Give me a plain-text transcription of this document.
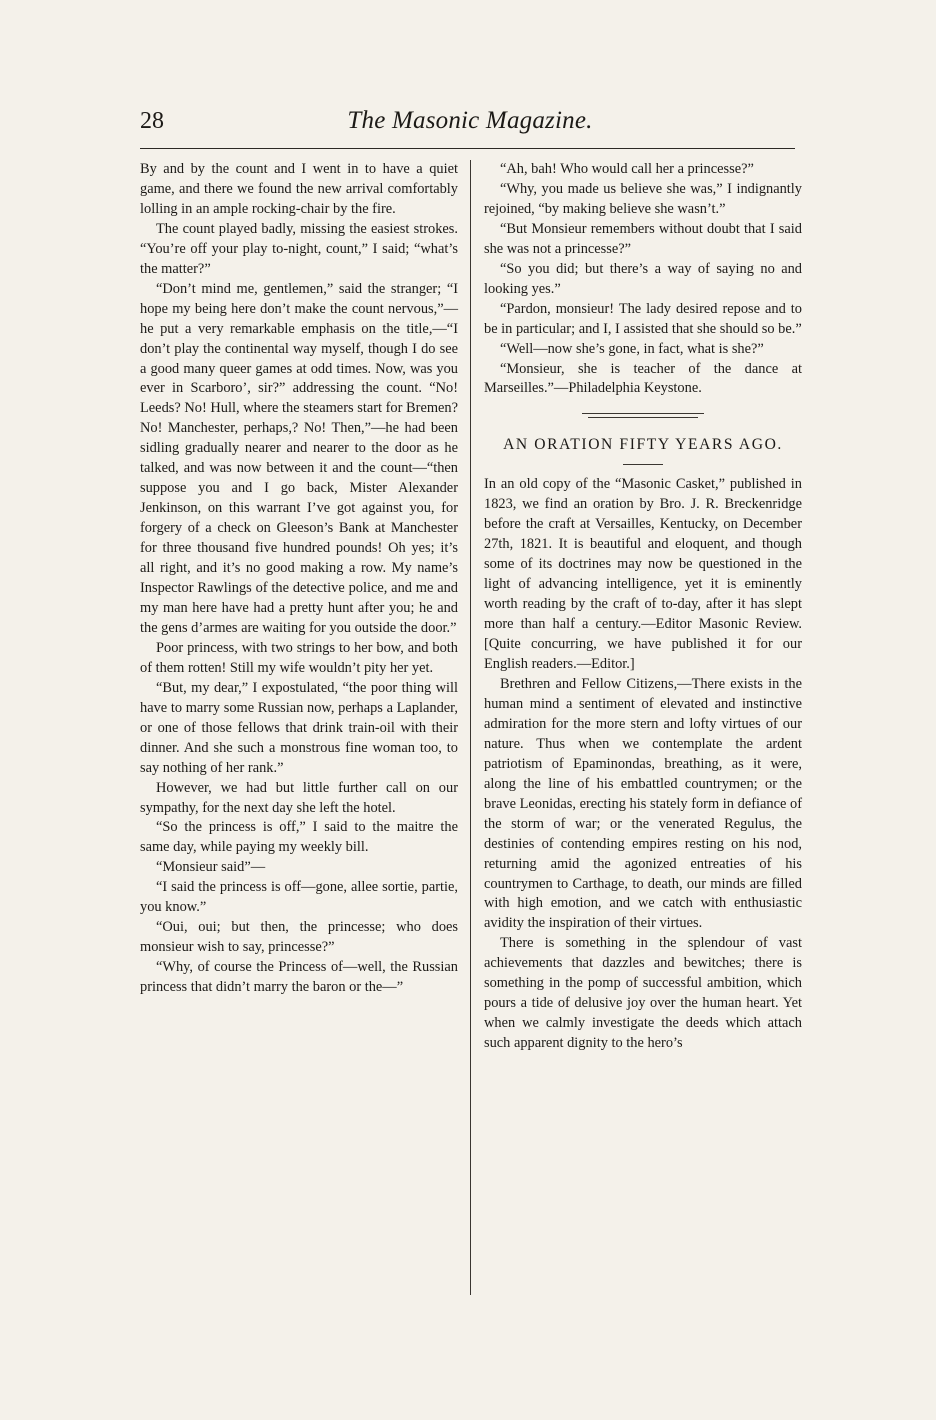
28	The Masonic Magazine.

By and by the count and I went in to have a quiet game, and there we found the new arrival comfortably lolling in an ample rocking-chair by the fire.

The count played badly, missing the easiest strokes. “You’re off your play to-night, count,” I said; “what’s the matter?”

“Don’t mind me, gentlemen,” said the stranger; “I hope my being here don’t make the count nervous,”—he put a very remarkable emphasis on the title,—“I don’t play the continental way myself, though I do see a good many queer games at odd times. Now, was you ever in Scarboro’, sir?” addressing the count. “No! Leeds? No! Hull, where the steamers start for Bremen? No! Manchester, perhaps,? No! Then,”—he had been sidling gradually nearer and nearer to the door as he talked, and was now between it and the count—“then suppose you and I go back, Mister Alexander Jenkinson, on this warrant I’ve got against you, for forgery of a check on Gleeson’s Bank at Manchester for three thousand five hundred pounds! Oh yes; it’s all right, and it’s no good making a row. My name’s Inspector Rawlings of the detective police, and me and my man here have had a pretty hunt after you; he and the gens d’armes are waiting for you outside the door.”

Poor princess, with two strings to her bow, and both of them rotten! Still my wife wouldn’t pity her yet.

“But, my dear,” I expostulated, “the poor thing will have to marry some Russian now, perhaps a Laplander, or one of those fellows that drink train-oil with their dinner. And she such a monstrous fine woman too, to say nothing of her rank.”

However, we had but little further call on our sympathy, for the next day she left the hotel.

“So the princess is off,” I said to the maitre the same day, while paying my weekly bill.

“Monsieur said”—

“I said the princess is off—gone, allee sortie, partie, you know.”

“Oui, oui; but then, the princesse; who does monsieur wish to say, princesse?”

“Why, of course the Princess of—well, the Russian princess that didn’t marry the baron or the—”

“Ah, bah! Who would call her a princesse?”

“Why, you made us believe she was,” I indignantly rejoined, “by making believe she wasn’t.”

“But Monsieur remembers without doubt that I said she was not a princesse?”

“So you did; but there’s a way of saying no and looking yes.”

“Pardon, monsieur! The lady desired repose and to be in particular; and I, I assisted that she should so be.”

“Well—now she’s gone, in fact, what is she?”

“Monsieur, she is teacher of the dance at Marseilles.”—Philadelphia Keystone.

AN ORATION FIFTY YEARS AGO.

In an old copy of the “Masonic Casket,” published in 1823, we find an oration by Bro. J. R. Breckenridge before the craft at Versailles, Kentucky, on December 27th, 1821. It is beautiful and eloquent, and though some of its doctrines may now be questioned in the light of advancing intelligence, yet it is eminently worth reading by the craft of to-day, after it has slept more than half a century.—Editor Masonic Review. [Quite concurring, we have published it for our English readers.—Editor.]

Brethren and Fellow Citizens,—There exists in the human mind a sentiment of elevated and instinctive admiration for the more stern and lofty virtues of our nature. Thus when we contemplate the ardent patriotism of Epaminondas, breathing, as it were, along the line of his embattled countrymen; or the brave Leonidas, erecting his stately form in defiance of the storm of war; or the venerated Regulus, the destinies of contending empires resting on his nod, returning amid the agonized entreaties of his countrymen to Carthage, to death, our minds are filled with high emotion, and we catch with enthusiastic avidity the inspiration of their virtues.

There is something in the splendour of vast achievements that dazzles and bewitches; there is something in the pomp of successful ambition, which pours a tide of delusive joy over the human heart. Yet when we calmly investigate the deeds which attach such apparent dignity to the hero’s
